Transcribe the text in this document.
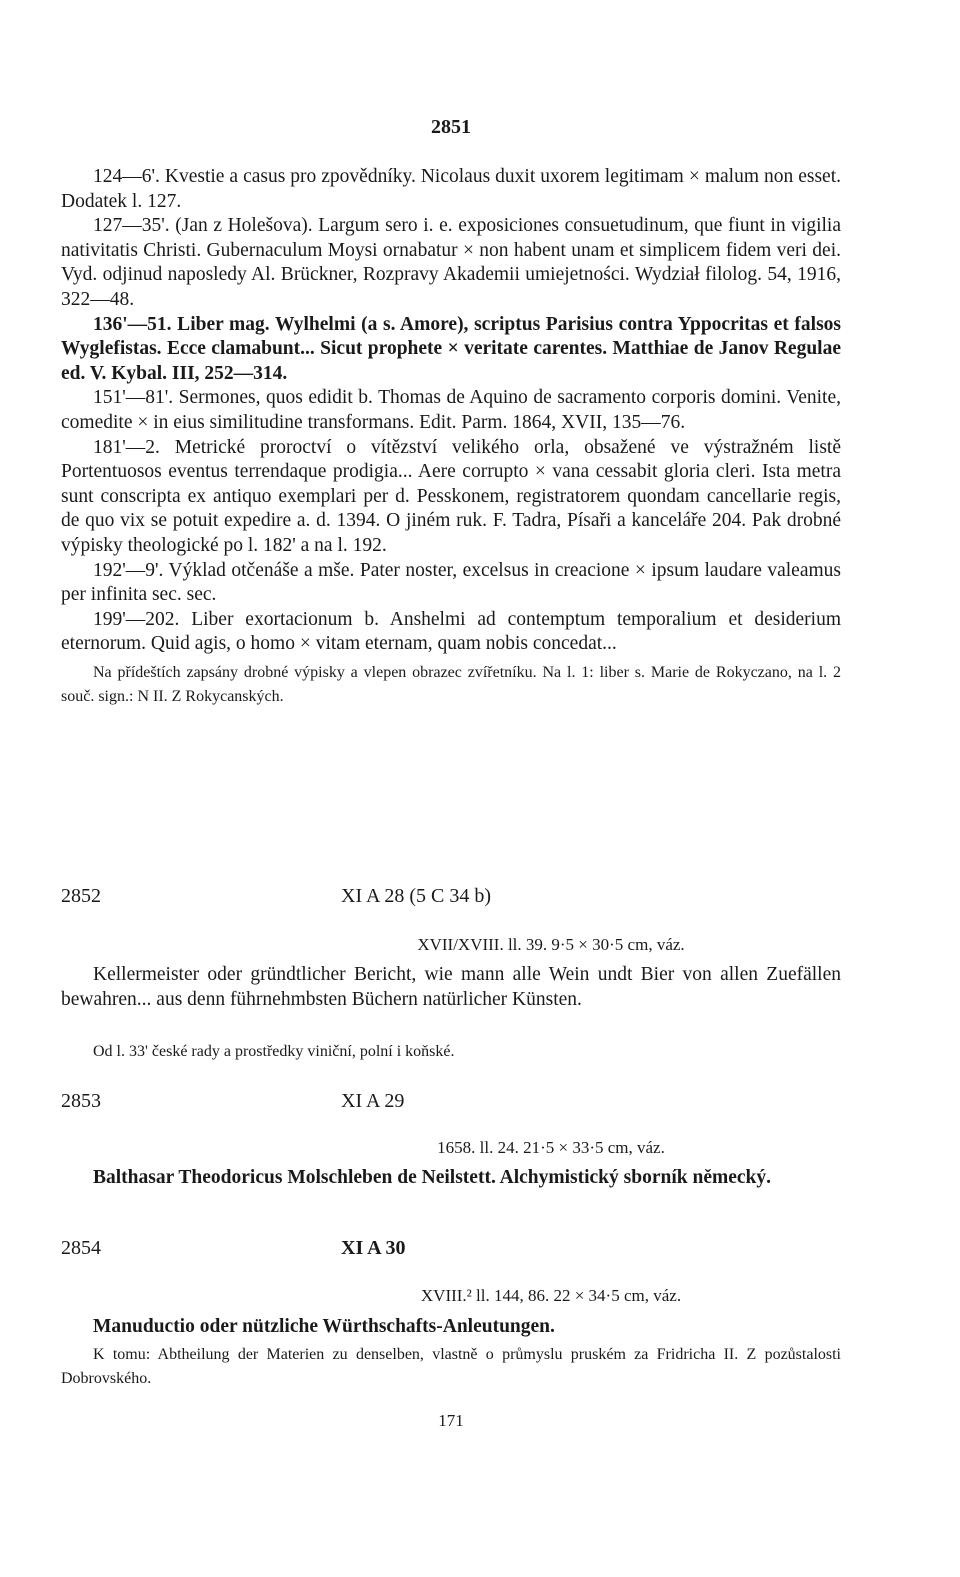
2851

124—6'. Kvestie a casus pro zpovědníky. Nicolaus duxit uxorem legitimam × malum non esset. Dodatek l. 127.

127—35'. (Jan z Holešova). Largum sero i. e. exposiciones consuetudinum, que fiunt in vigilia nativitatis Christi. Gubernaculum Moysi ornabatur × non habent unam et simplicem fidem veri dei. Vyd. odjinud naposledy Al. Brückner, Rozpravy Akademii umiejetności. Wydział filolog. 54, 1916, 322—48.

136'—51. Liber mag. Wylhelmi (a s. Amore), scriptus Parisius contra Yppocritas et falsos Wyglefistas. Ecce clamabunt... Sicut prophete × veritate carentes. Matthiae de Janov Regulae ed. V. Kybal. III, 252—314.

151'—81'. Sermones, quos edidit b. Thomas de Aquino de sacramento corporis domini. Venite, comedite × in eius similitudine transformans. Edit. Parm. 1864, XVII, 135—76.

181'—2. Metrické proroctví o vítězství velikého orla, obsažené ve výstražném listě Portentuosos eventus terrendaque prodigia... Aere corrupto × vana cessabit gloria cleri. Ista metra sunt conscripta ex antiquo exemplari per d. Pesskonem, registratorem quondam cancellarie regis, de quo vix se potuit expedire a. d. 1394. O jiném ruk. F. Tadra, Písaři a kanceláře 204. Pak drobné výpisky theologické po l. 182' a na l. 192.

192'—9'. Výklad otčenáše a mše. Pater noster, excelsus in creacione × ipsum laudare valeamus per infinita sec. sec.

199'—202. Liber exortacionum b. Anshelmi ad contemptum temporalium et desiderium eternorum. Quid agis, o homo × vitam eternam, quam nobis concedat...

Na přídeštích zapsány drobné výpisky a vlepen obrazec zvířetníku. Na l. 1: liber s. Marie de Rokyczano, na l. 2 souč. sign.: N II. Z Rokycanských.

2852	XI A 28 (5 C 34 b)
XVII/XVIII. ll. 39. 9·5 × 30·5 cm, váz.
Kellermeister oder gründtlicher Bericht, wie mann alle Wein undt Bier von allen Zuefällen bewahren... aus denn führnehmbsten Büchern natürlicher Künsten.
Od l. 33' české rady a prostředky viniční, polní i koňské.
2853	XI A 29
1658. ll. 24. 21·5 × 33·5 cm, váz.
Balthasar Theodoricus Molschleben de Neilstett. Alchymistický sborník německý.
2854	XI A 30
XVIII.² ll. 144, 86. 22 × 34·5 cm, váz.
Manuductio oder nützliche Würthschafts-Anleutungen.
K tomu: Abtheilung der Materien zu denselben, vlastně o průmyslu pruském za Fridricha II. Z pozůstalosti Dobrovského.
171
